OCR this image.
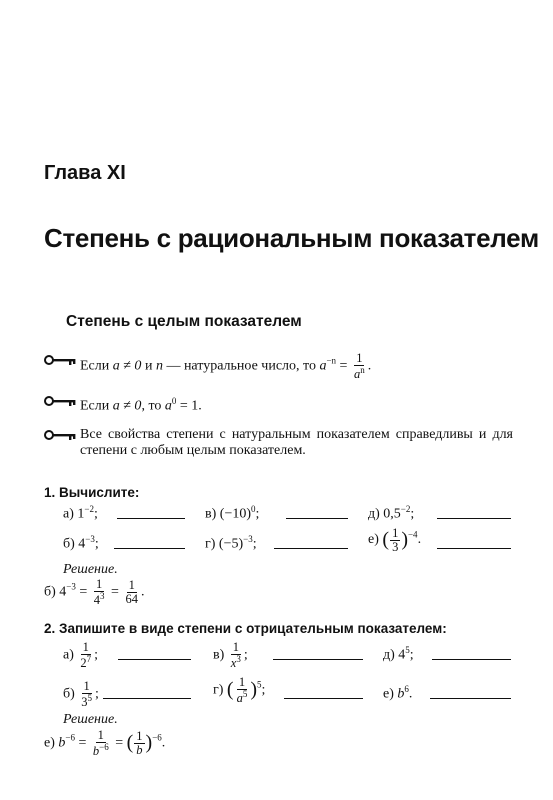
Глава XI
Степень с рациональным показателем
Степень с целым показателем
Если a ≠ 0 и n — натуральное число, то $a^{-n} = \frac{1}{a^n}$ .
Если a ≠ 0, то $a^0 = 1$.
Все свойства степени с натуральным показателем справедливы и для степени с любым целым показателем.
1. Вычислите:
а) $1^{-2}$;	в) $(-10)^0$;	д) $0,5^{-2}$;
б) $4^{-3}$;	г) $(-5)^{-3}$;	е) ( $\frac{1}{3} )^{-4}$.
Решение.
б) $4^{-3} = \frac{1}{4^3} = \frac{1}{64}$ .
2. Запишите в виде степени с отрицательным показателем:
$а) \frac{1}{2^7}$ ;	$в) \frac{1}{x^3}$ ;	д) $4^5$;
$б) \frac{1}{3^5}$ ;	г) ( $\frac{1}{a^5} )^5$;	е) $b^6$.
Решение.
е) $b^{-6} = \frac{1}{b^{-6}}$ = ( $\frac{1}{b} )^{-6}$.
